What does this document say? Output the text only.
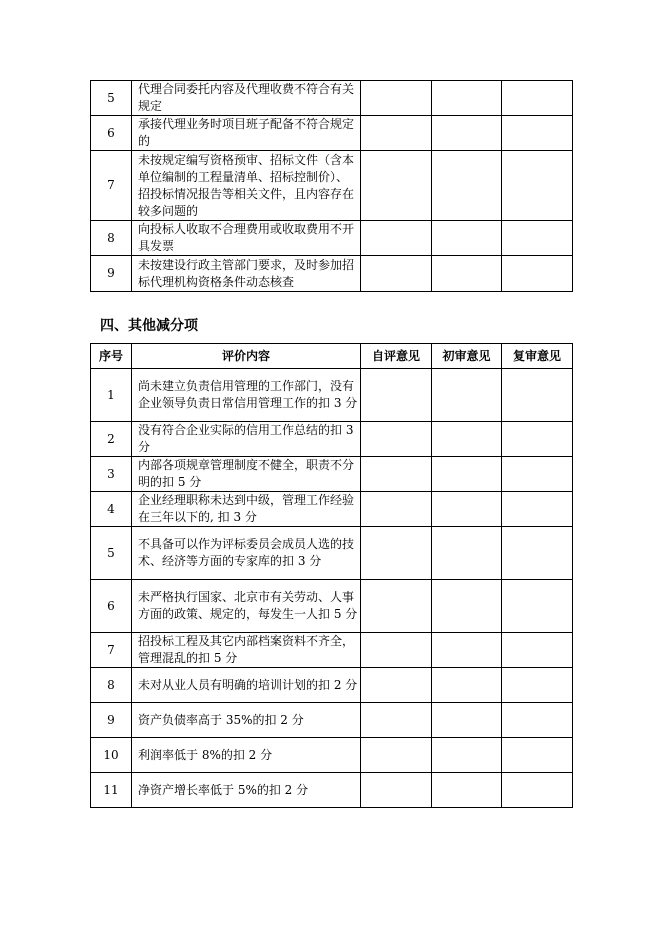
5	代理合同委托内容及代理收费不符合有关规定			
6	承接代理业务时项目班子配备不符合规定的			
7	未按规定编写资格预审、招标文件（含本单位编制的工程量清单、招标控制价）、招投标情况报告等相关文件，且内容存在较多问题的			
8	向投标人收取不合理费用或收取费用不开具发票			
9	未按建设行政主管部门要求，及时参加招标代理机构资格条件动态核查			
四、其他减分项
序号	评价内容	自评意见	初审意见	复审意见
1	尚未建立负责信用管理的工作部门，没有企业领导负责日常信用管理工作的扣 3 分			
2	没有符合企业实际的信用工作总结的扣 3 分			
3	内部各项规章管理制度不健全，职责不分明的扣 5 分			
4	企业经理职称未达到中级，管理工作经验在三年以下的, 扣 3 分			
5	不具备可以作为评标委员会成员人选的技术、经济等方面的专家库的扣 3 分			
6	未严格执行国家、北京市有关劳动、人事方面的政策、规定的，每发生一人扣 5 分			
7	招投标工程及其它内部档案资料不齐全，管理混乱的扣 5 分			
8	未对从业人员有明确的培训计划的扣 2 分			
9	资产负债率高于 35%的扣 2 分			
10	利润率低于 8%的扣 2 分			
11	净资产增长率低于 5%的扣 2 分			
